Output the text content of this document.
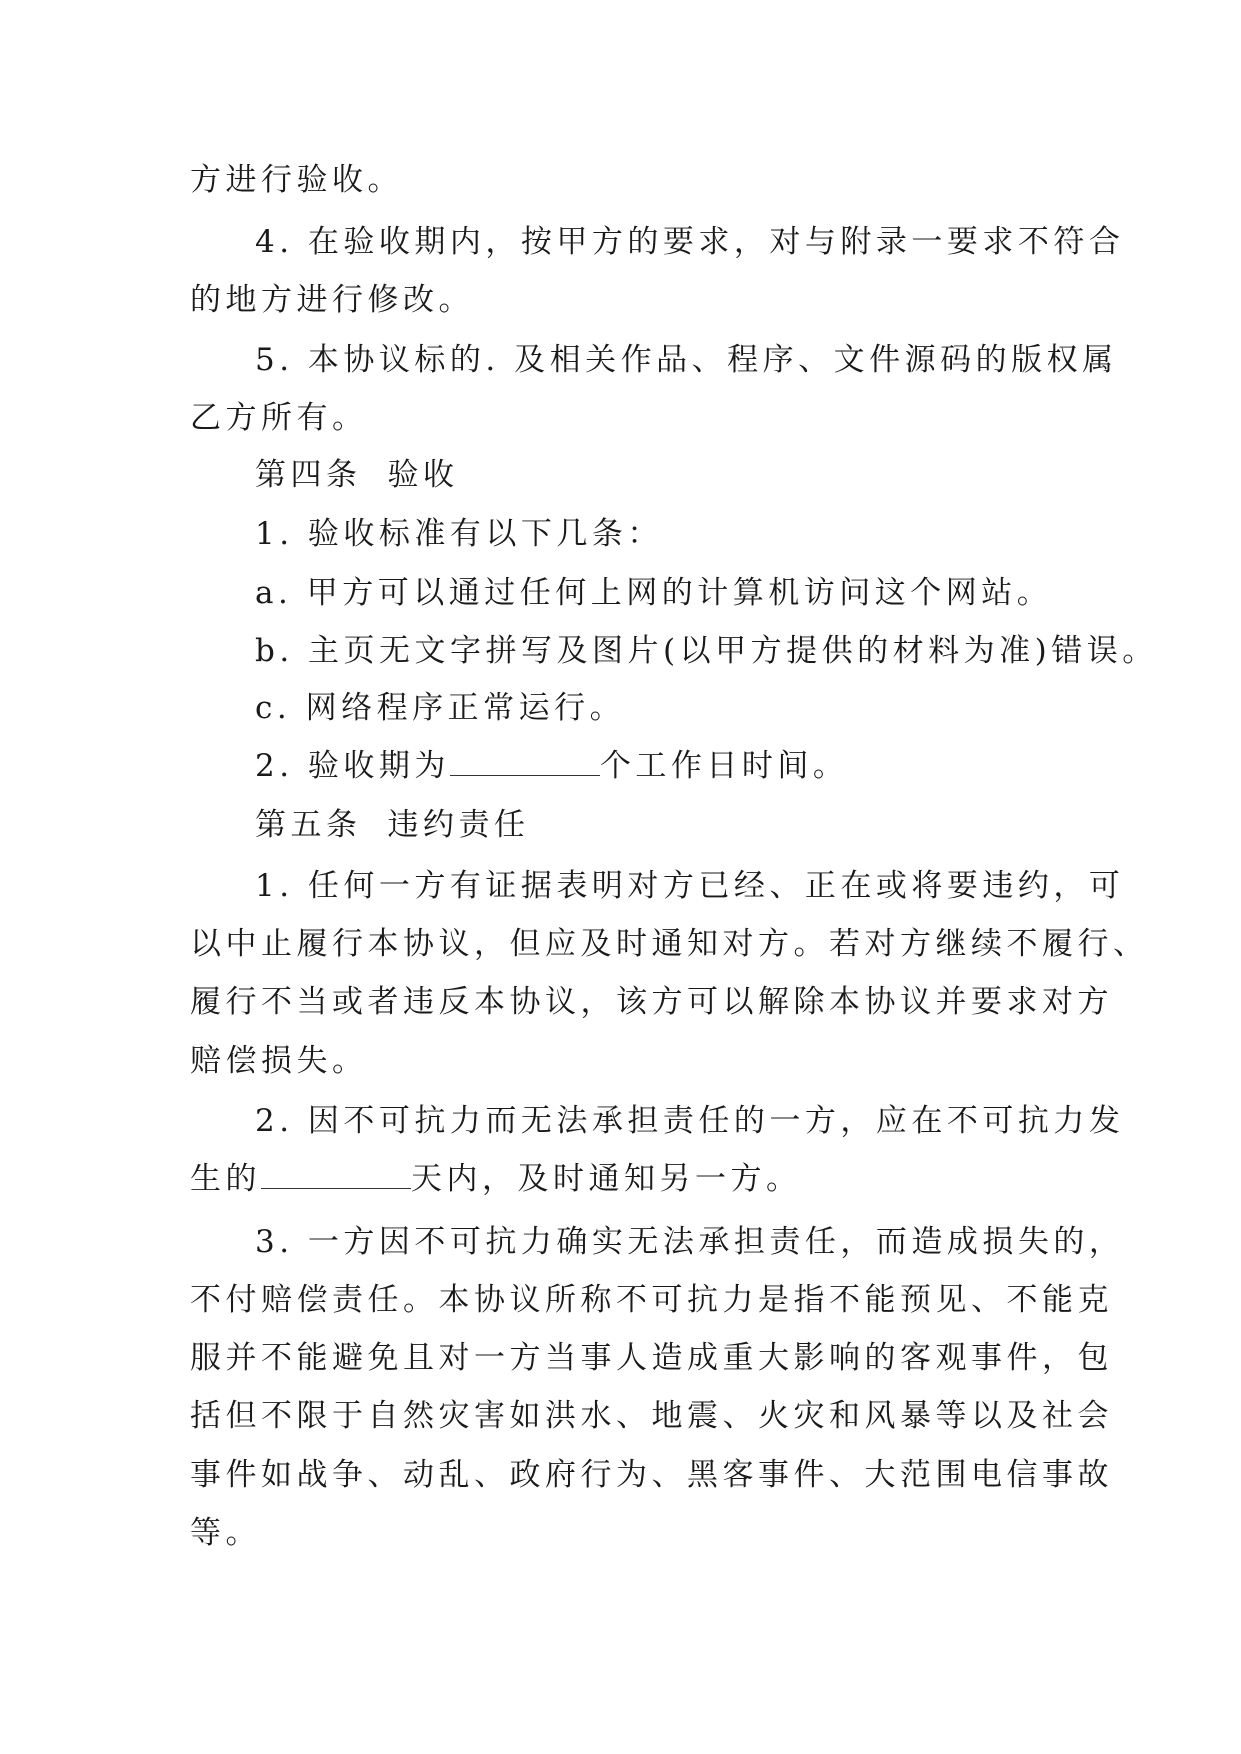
方进行验收。
4. 在验收期内，按甲方的要求，对与附录一要求不符合
的地方进行修改。
5. 本协议标的. 及相关作品、程序、文件源码的版权属
乙方所有。
第四条 验收
1. 验收标准有以下几条：
a. 甲方可以通过任何上网的计算机访问这个网站。
b. 主页无文字拼写及图片(以甲方提供的材料为准)错误。
c. 网络程序正常运行。
2. 验收期为	个工作日时间。
第五条 违约责任
1. 任何一方有证据表明对方已经、正在或将要违约，可
以中止履行本协议，但应及时通知对方。若对方继续不履行、
履行不当或者违反本协议，该方可以解除本协议并要求对方
赔偿损失。
2. 因不可抗力而无法承担责任的一方，应在不可抗力发
生的	天内，及时通知另一方。
3. 一方因不可抗力确实无法承担责任，而造成损失的，
不付赔偿责任。本协议所称不可抗力是指不能预见、不能克
服并不能避免且对一方当事人造成重大影响的客观事件，包
括但不限于自然灾害如洪水、地震、火灾和风暴等以及社会
事件如战争、动乱、政府行为、黑客事件、大范围电信事故
等。
